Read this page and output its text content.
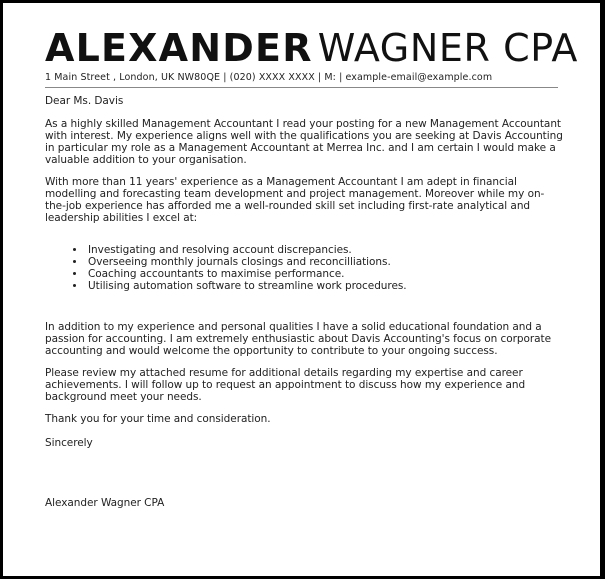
ALEXANDER WAGNER CPA
1 Main Street , London, UK NW80QE | (020) XXXX XXXX | M: | example-email@example.com

Dear Ms. Davis

As a highly skilled Management Accountant I read your posting for a new Management Accountant with interest. My experience aligns well with the qualifications you are seeking at Davis Accounting in particular my role as a Management Accountant at Merrea Inc. and I am certain I would make a valuable addition to your organisation.

With more than 11 years' experience as a Management Accountant I am adept in financial modelling and forecasting team development and project management. Moreover while my on-the-job experience has afforded me a well-rounded skill set including first-rate analytical and leadership abilities I excel at:

• Investigating and resolving account discrepancies.
• Overseeing monthly journals closings and reconcilliations.
• Coaching accountants to maximise performance.
• Utilising automation software to streamline work procedures.

In addition to my experience and personal qualities I have a solid educational foundation and a passion for accounting. I am extremely enthusiastic about Davis Accounting's focus on corporate accounting and would welcome the opportunity to contribute to your ongoing success.

Please review my attached resume for additional details regarding my expertise and career achievements. I will follow up to request an appointment to discuss how my experience and background meet your needs.

Thank you for your time and consideration.

Sincerely

Alexander Wagner CPA
